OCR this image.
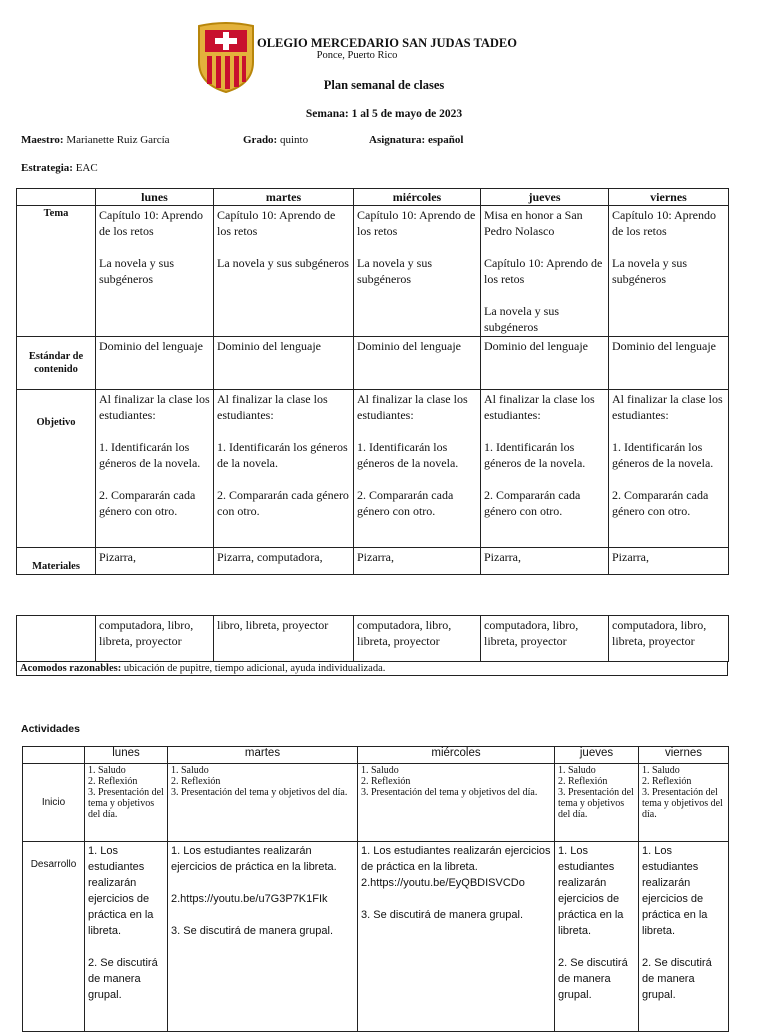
OLEGIO MERCEDARIO SAN JUDAS TADEO
Ponce, Puerto Rico
Plan semanal de clases
Semana: 1 al 5 de mayo de 2023
Maestro: Marianette Ruiz García	Grado: quinto	Asignatura: español
Estrategia: EAC
	lunes	martes	miércoles	jueves	viernes
Tema	Capítulo 10: Aprendo de los retos

La novela y sus subgéneros	Capítulo 10: Aprendo de los retos

La novela y sus subgéneros	Capítulo 10: Aprendo de los retos

La novela y sus subgéneros	Misa en honor a San Pedro Nolasco

Capítulo 10: Aprendo de los retos

La novela y sus subgéneros	Capítulo 10: Aprendo de los retos

La novela y sus subgéneros
Estándar de contenido	Dominio del lenguaje	Dominio del lenguaje	Dominio del lenguaje	Dominio del lenguaje	Dominio del lenguaje
Objetivo	Al finalizar la clase los estudiantes:

1. Identificarán los géneros de la novela.

2. Compararán cada género con otro.	Al finalizar la clase los estudiantes:

1. Identificarán los géneros de la novela.

2. Compararán cada género con otro.	Al finalizar la clase los estudiantes:

1. Identificarán los géneros de la novela.

2. Compararán cada género con otro.	Al finalizar la clase los estudiantes:

1. Identificarán los géneros de la novela.

2. Compararán cada género con otro.	Al finalizar la clase los estudiantes:

1. Identificarán los géneros de la novela.

2. Compararán cada género con otro.
Materiales	Pizarra,	Pizarra, computadora,	Pizarra,	Pizarra,	Pizarra,
	computadora, libro, libreta, proyector	libro, libreta, proyector	computadora, libro, libreta, proyector	computadora, libro, libreta, proyector	computadora, libro, libreta, proyector
Acomodos razonables: ubicación de pupitre, tiempo adicional, ayuda individualizada.
Actividades
	lunes	martes	miércoles	jueves	viernes
Inicio	1. Saludo
2. Reflexión
3. Presentación del tema y objetivos del día.	1. Saludo
2. Reflexión
3. Presentación del tema y objetivos del día.	1. Saludo
2. Reflexión
3. Presentación del tema y objetivos del día.	1. Saludo
2. Reflexión
3. Presentación del tema y objetivos del día.	1. Saludo
2. Reflexión
3. Presentación del tema y objetivos del día.
Desarrollo	1. Los estudiantes realizarán ejercicios de práctica en la libreta.

2. Se discutirá de manera grupal.	1. Los estudiantes realizarán ejercicios de práctica en la libreta.

2.https://youtu.be/u7G3P7K1FIk

3. Se discutirá de manera grupal.	1. Los estudiantes realizarán ejercicios de práctica en la libreta.
2.https://youtu.be/EyQBDISVCDo

3. Se discutirá de manera grupal.	1. Los estudiantes realizarán ejercicios de práctica en la libreta.

2. Se discutirá de manera grupal.	1. Los estudiantes realizarán ejercicios de práctica en la libreta.

2. Se discutirá de manera grupal.
